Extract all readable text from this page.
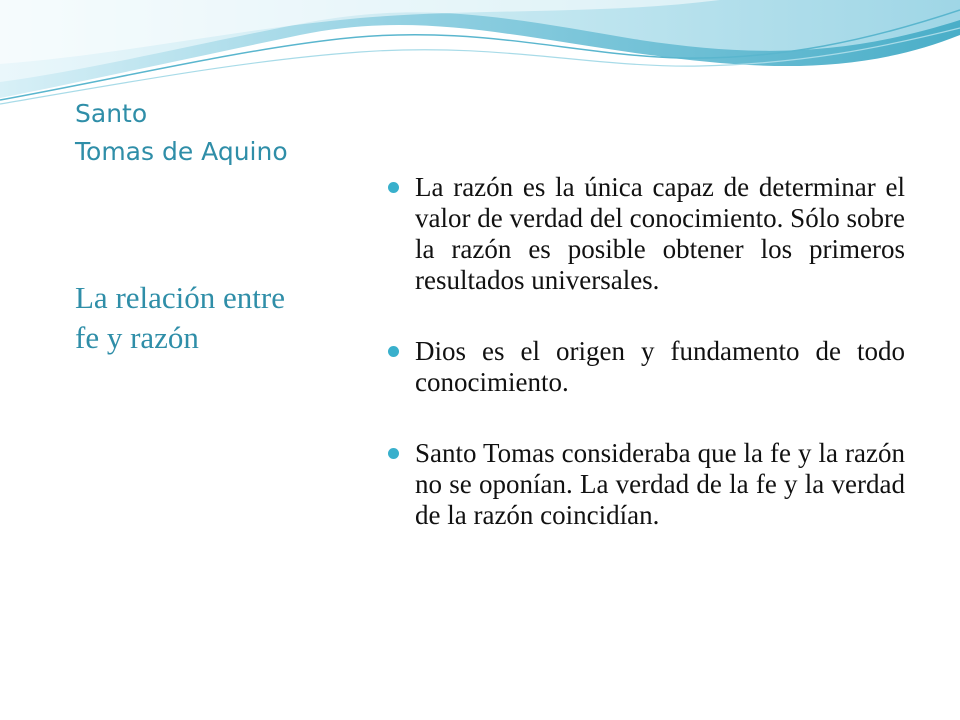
Santo
Tomas de Aquino
La relación entre
fe y razón
La razón es la única capaz de determinar el valor de verdad del conocimiento. Sólo sobre la razón es posible obtener los primeros resultados universales.
Dios es el origen y fundamento de todo conocimiento.
Santo Tomas consideraba que la fe y la razón no se oponían. La verdad de la fe y la verdad de la razón coincidían.
